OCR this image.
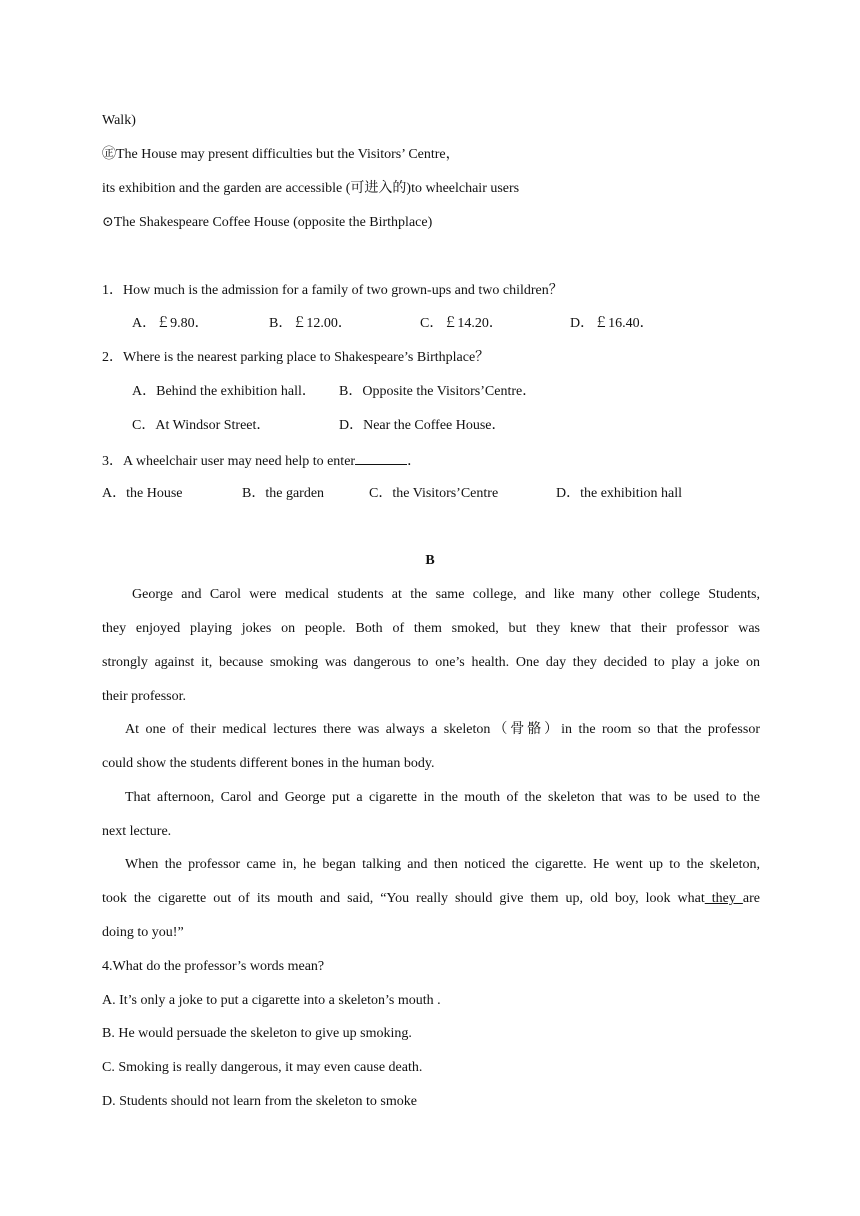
Walk)
㊣The House may present difficulties but the Visitors’ Centre，
its exhibition and the garden are accessible (可进入的)to wheelchair users
⊙The Shakespeare Coffee House (opposite the Birthplace)
1．How much is the admission for a family of two grown-ups and two children？
A．￡9.80．	B．￡12.00．	C．￡14.20．	D．￡16.40．
2．Where is the nearest parking place to Shakespeare’s Birthplace？
A．Behind the exhibition hall． B．Opposite the Visitors’Centre．
C．At Windsor Street．	D．Near the Coffee House．
3．A wheelchair user may need help to enter	．
A．the House	B．the garden	C．the Visitors’Centre	D．the exhibition hall
B
George and Carol were medical students at the same college, and like many other college Students,
they enjoyed playing jokes on people. Both of them smoked, but they knew that their professor was
strongly against it, because smoking was dangerous to one’s health. One day they decided to play a joke on
their professor.
At one of their medical lectures there was always a skeleton（骨骼）in the room so that the professor
could show the students different bones in the human body.
That afternoon, Carol and George put a cigarette in the mouth of the skeleton that was to be used to the
next lecture.
When the professor came in, he began talking and then noticed the cigarette. He went up to the skeleton,
took the cigarette out of its mouth and said, “You really should give them up, old boy, look what they are
doing to you!”
4.What do the professor’s words mean?
A. It’s only a joke to put a cigarette into a skeleton’s mouth .
B. He would persuade the skeleton to give up smoking.
C. Smoking is really dangerous, it may even cause death.
D. Students should not learn from the skeleton to smoke
